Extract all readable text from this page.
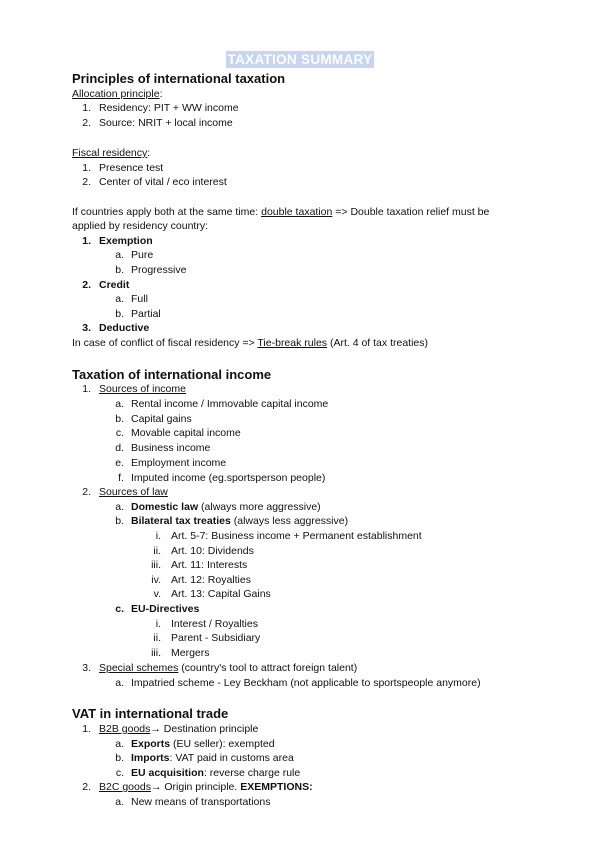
TAXATION SUMMARY
Principles of international taxation
Allocation principle:
1. Residency: PIT + WW income
2. Source: NRIT + local income
Fiscal residency:
1. Presence test
2. Center of vital / eco interest
If countries apply both at the same time: double taxation => Double taxation relief must be
applied by residency country:
1. Exemption
a. Pure
b. Progressive
2. Credit
a. Full
b. Partial
3. Deductive
In case of conflict of fiscal residency => Tie-break rules (Art. 4 of tax treaties)
Taxation of international income
1. Sources of income
a. Rental income / Immovable capital income
b. Capital gains
c. Movable capital income
d. Business income
e. Employment income
f. Imputed income (eg.sportsperson people)
2. Sources of law
a. Domestic law (always more aggressive)
b. Bilateral tax treaties (always less aggressive)
i. Art. 5-7: Business income + Permanent establishment
ii. Art. 10: Dividends
iii. Art. 11: Interests
iv. Art. 12: Royalties
v. Art. 13: Capital Gains
c. EU-Directives
i. Interest / Royalties
ii. Parent - Subsidiary
iii. Mergers
3. Special schemes (country's tool to attract foreign talent)
a. Impatried scheme - Ley Beckham (not applicable to sportspeople anymore)
VAT in international trade
1. B2B goods→ Destination principle
a. Exports (EU seller): exempted
b. Imports: VAT paid in customs area
c. EU acquisition: reverse charge rule
2. B2C goods→ Origin principle. EXEMPTIONS:
a. New means of transportations
